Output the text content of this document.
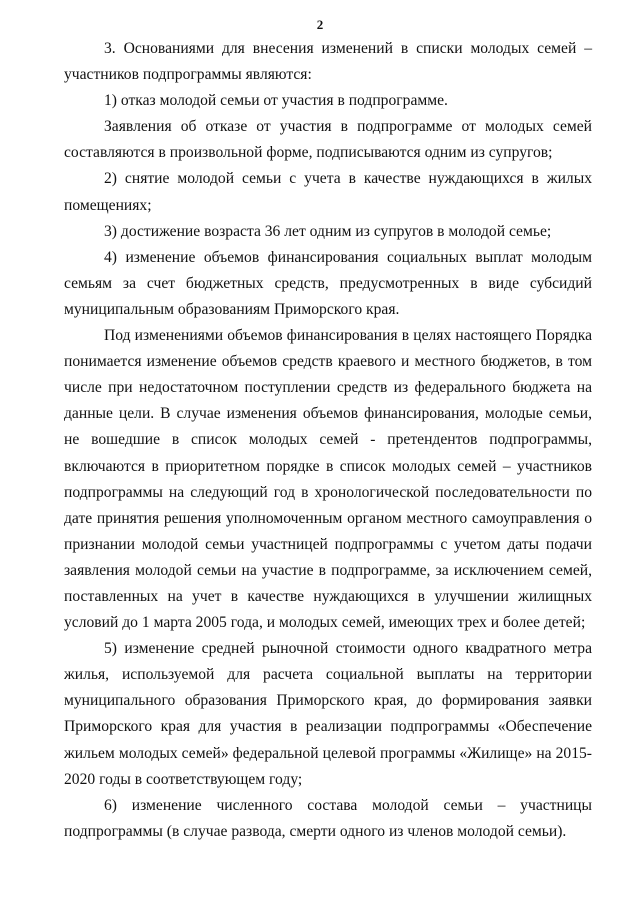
2

3. Основаниями для внесения изменений в списки молодых семей – участников подпрограммы являются:

1) отказ молодой семьи от участия в подпрограмме.

Заявления об отказе от участия в подпрограмме от молодых семей составляются в произвольной форме, подписываются одним из супругов;

2) снятие молодой семьи с учета в качестве нуждающихся в жилых помещениях;

3) достижение возраста 36 лет одним из супругов в молодой семье;

4) изменение объемов финансирования социальных выплат молодым семьям за счет бюджетных средств, предусмотренных в виде субсидий муниципальным образованиям Приморского края.

Под изменениями объемов финансирования в целях настоящего Порядка понимается изменение объемов средств краевого и местного бюджетов, в том числе при недостаточном поступлении средств из федерального бюджета на данные цели. В случае изменения объемов финансирования, молодые семьи, не вошедшие в список молодых семей - претендентов подпрограммы, включаются в приоритетном порядке в список молодых семей – участников подпрограммы на следующий год в хронологической последовательности по дате принятия решения уполномоченным органом местного самоуправления о признании молодой семьи участницей подпрограммы с учетом даты подачи заявления молодой семьи на участие в подпрограмме, за исключением семей, поставленных на учет в качестве нуждающихся в улучшении жилищных условий до 1 марта 2005 года, и молодых семей, имеющих трех и более детей;

5) изменение средней рыночной стоимости одного квадратного метра жилья, используемой для расчета социальной выплаты на территории муниципального образования Приморского края, до формирования заявки Приморского края для участия в реализации подпрограммы «Обеспечение жильем молодых семей» федеральной целевой программы «Жилище» на 2015-2020 годы в соответствующем году;

6) изменение численного состава молодой семьи – участницы подпрограммы (в случае развода, смерти одного из членов молодой семьи).
